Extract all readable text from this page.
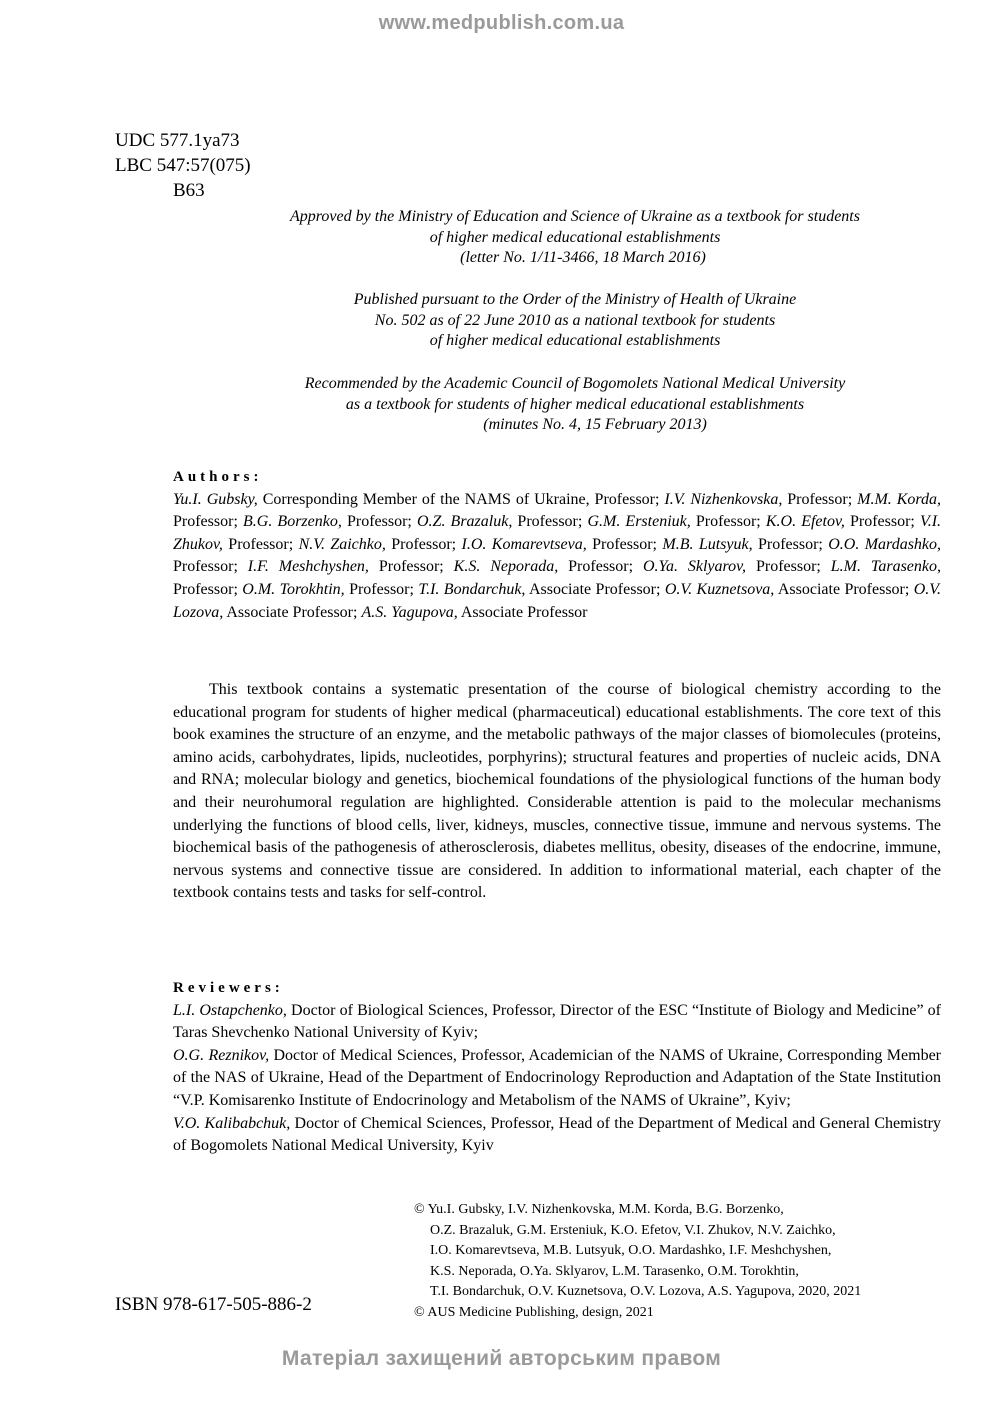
www.medpublish.com.ua
UDC 577.1ya73
LBC 547:57(075)
B63
Approved by the Ministry of Education and Science of Ukraine as a textbook for students
of higher medical educational establishments
(letter No. 1/11-3466, 18 March 2016)
Published pursuant to the Order of the Ministry of Health of Ukraine
No. 502 as of 22 June 2010 as a national textbook for students
of higher medical educational establishments
Recommended by the Academic Council of Bogomolets National Medical University
as a textbook for students of higher medical educational establishments
(minutes No. 4, 15 February 2013)
Authors:
Yu.I. Gubsky, Corresponding Member of the NAMS of Ukraine, Professor; I.V. Nizhenkovska, Professor; M.M. Korda, Professor; B.G. Borzenko, Professor; O.Z. Brazaluk, Professor; G.M. Ersteniuk, Professor; K.O. Efetov, Professor; V.I. Zhukov, Professor; N.V. Zaichko, Professor; I.O. Komarevtseva, Professor; M.B. Lutsyuk, Professor; O.O. Mardashko, Professor; I.F. Meshchyshen, Professor; K.S. Neporada, Professor; O.Ya. Sklyarov, Professor; L.M. Tarasenko, Professor; O.M. Torokhtin, Professor; T.I. Bondarchuk, Associate Professor; O.V. Kuznetsova, Associate Professor; O.V. Lozova, Associate Professor; A.S. Yagupova, Associate Professor
This textbook contains a systematic presentation of the course of biological chemistry according to the educational program for students of higher medical (pharmaceutical) educational establishments. The core text of this book examines the structure of an enzyme, and the metabolic pathways of the major classes of biomolecules (proteins, amino acids, carbohydrates, lipids, nucleotides, porphyrins); structural features and properties of nucleic acids, DNA and RNA; molecular biology and genetics, biochemical foundations of the physiological functions of the human body and their neurohumoral regulation are highlighted. Considerable attention is paid to the molecular mechanisms underlying the functions of blood cells, liver, kidneys, muscles, connective tissue, immune and nervous systems. The biochemical basis of the pathogenesis of atherosclerosis, diabetes mellitus, obesity, diseases of the endocrine, immune, nervous systems and connective tissue are considered. In addition to informational material, each chapter of the textbook contains tests and tasks for self-control.
Reviewers:

L.I. Ostapchenko, Doctor of Biological Sciences, Professor, Director of the ESC “Institute of Biology and Medicine” of Taras Shevchenko National University of Kyiv;

O.G. Reznikov, Doctor of Medical Sciences, Professor, Academician of the NAMS of Ukraine, Corresponding Member of the NAS of Ukraine, Head of the Department of Endocrinology Reproduction and Adaptation of the State Institution “V.P. Komisarenko Institute of Endocrinology and Metabolism of the NAMS of Ukraine”, Kyiv;

V.O. Kalibabchuk, Doctor of Chemical Sciences, Professor, Head of the Department of Medical and General Chemistry of Bogomolets National Medical University, Kyiv

© Yu.I. Gubsky, I.V. Nizhenkovska, M.M. Korda, B.G. Borzenko,
O.Z. Brazaluk, G.M. Ersteniuk, K.O. Efetov, V.I. Zhukov, N.V. Zaichko,
I.O. Komarevtseva, M.B. Lutsyuk, O.O. Mardashko, I.F. Meshchyshen,
K.S. Neporada, O.Ya. Sklyarov, L.M. Tarasenko, O.M. Torokhtin,
T.I. Bondarchuk, O.V. Kuznetsova, O.V. Lozova, A.S. Yagupova, 2020, 2021
© AUS Medicine Publishing, design, 2021
ISBN 978-617-505-886-2
Матеріал захищений авторським правом
